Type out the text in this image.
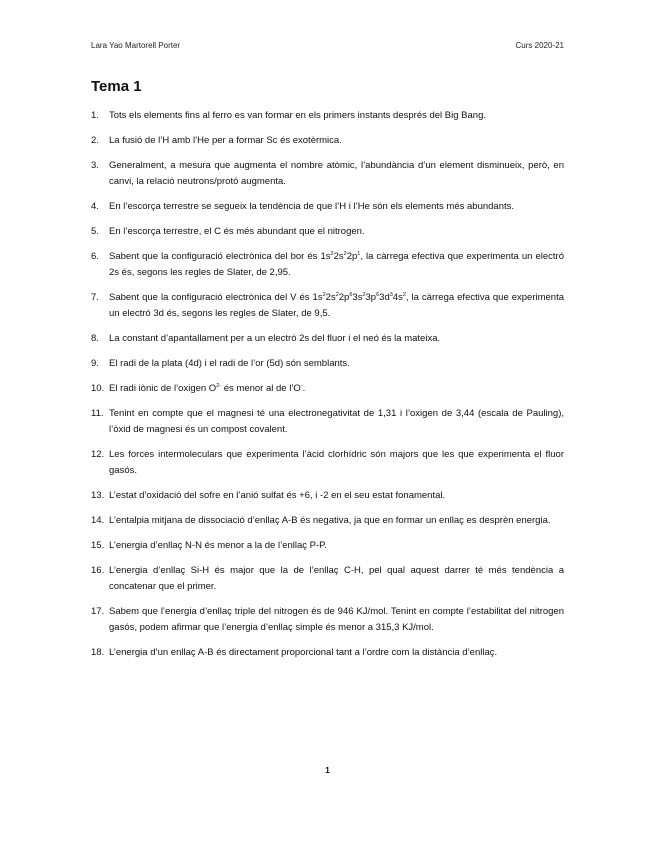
Lara Yao Martorell Porter	Curs 2020-21
Tema 1
1.	Tots els elements fins al ferro es van formar en els primers instants després del Big Bang.
2.	La fusió de l’H amb l’He per a formar Sc és exotèrmica.
3.	Generalment, a mesura que augmenta el nombre atòmic, l’abundància d’un element disminueix, però, en canvi, la relació neutrons/protó augmenta.
4.	En l’escorça terrestre se segueix la tendència de que l’H i l’He són els elements més abundants.
5.	En l’escorça terrestre, el C és més abundant que el nitrogen.
6.	Sabent que la configuració electrònica del bor és $1s^22s^22p^1$, la càrrega efectiva que experimenta un electró 2s és, segons les regles de Slater, de 2,95.
7.	Sabent que la configuració electrònica del V és $1s^22s^22p^63s^23p^63d^34s^2$, la càrrega efectiva que experimenta un electró 3d és, segons les regles de Slater, de 9,5.
8.	La constant d’apantallament per a un electró 2s del fluor i el neó és la mateixa.
9.	El radi de la plata (4d) i el radi de l’or (5d) són semblants.
10. El radi iònic de l’oxigen $O^{2-}$ és menor al de l’O-.
11. Tenint en compte que el magnesi té una electronegativitat de 1,31 i l’oxigen de 3,44 (escala de Pauling), l’òxid de magnesi és un compost covalent.
12. Les forces intermoleculars que experimenta l’àcid clorhídric són majors que les que experimenta el fluor gasós.
13. L’estat d’oxidació del sofre en l’anió sulfat és +6, i -2 en el seu estat fonamental.
14. L’entalpia mitjana de dissociació d’enllaç A-B és negativa, ja que en formar un enllaç es desprèn energia.
15. L’energia d’enllaç N-N és menor a la de l’enllaç P-P.
16. L’energia d’enllaç Si-H és major que la de l’enllaç C-H, pel qual aquest darrer té més tendència a concatenar que el primer.
17. Sabem que l’energia d’enllaç triple del nitrogen és de 946 KJ/mol. Tenint en compte l’estabilitat del nitrogen gasós, podem afirmar que l’energia d’enllaç simple és menor a 315,3 KJ/mol.
18. L’energia d’un enllaç A-B és directament proporcional tant a l’ordre com la distància d’enllaç.
1
